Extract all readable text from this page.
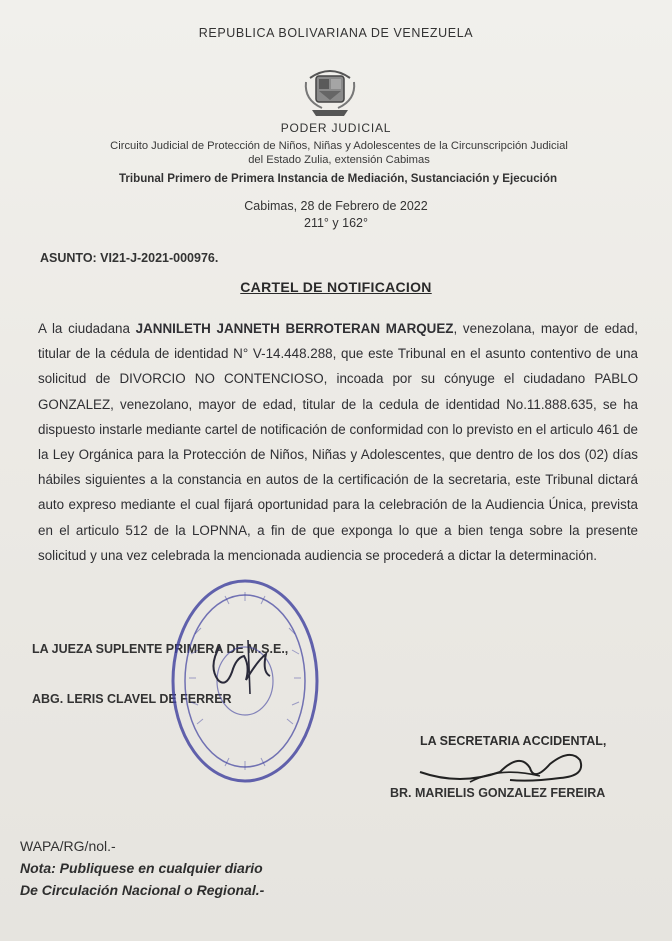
REPUBLICA BOLIVARIANA DE VENEZUELA
PODER JUDICIAL
Circuito Judicial de Protección de Niños, Niñas y Adolescentes de la Circunscripción Judicial
del Estado Zulia, extensión Cabimas
Tribunal Primero de Primera Instancia de Mediación, Sustanciación y Ejecución
Cabimas, 28 de Febrero de 2022
211° y 162°
ASUNTO: VI21-J-2021-000976.
CARTEL DE NOTIFICACION
A la ciudadana JANNILETH JANNETH BERROTERAN MARQUEZ, venezolana, mayor de edad, titular de la cédula de identidad N° V-14.448.288, que este Tribunal en el asunto contentivo de una solicitud de DIVORCIO NO CONTENCIOSO, incoada por su cónyuge el ciudadano PABLO GONZALEZ, venezolano, mayor de edad, titular de la cedula de identidad No.11.888.635, se ha dispuesto instarle mediante cartel de notificación de conformidad con lo previsto en el articulo 461 de la Ley Orgánica para la Protección de Niños, Niñas y Adolescentes, que dentro de los dos (02) días hábiles siguientes a la constancia en autos de la certificación de la secretaria, este Tribunal dictará auto expreso mediante el cual fijará oportunidad para la celebración de la Audiencia Única, prevista en el articulo 512 de la LOPNNA, a fin de que exponga lo que a bien tenga sobre la presente solicitud y una vez celebrada la mencionada audiencia se procederá a dictar la determinación.
LA JUEZA SUPLENTE PRIMERA DE M.S.E.,
ABG. LERIS CLAVEL DE FERRER
LA SECRETARIA ACCIDENTAL,
BR. MARIELIS GONZALEZ FEREIRA
WAPA/RG/nol.-
Nota: Publiquese en cualquier diario
De Circulación Nacional o Regional.-
